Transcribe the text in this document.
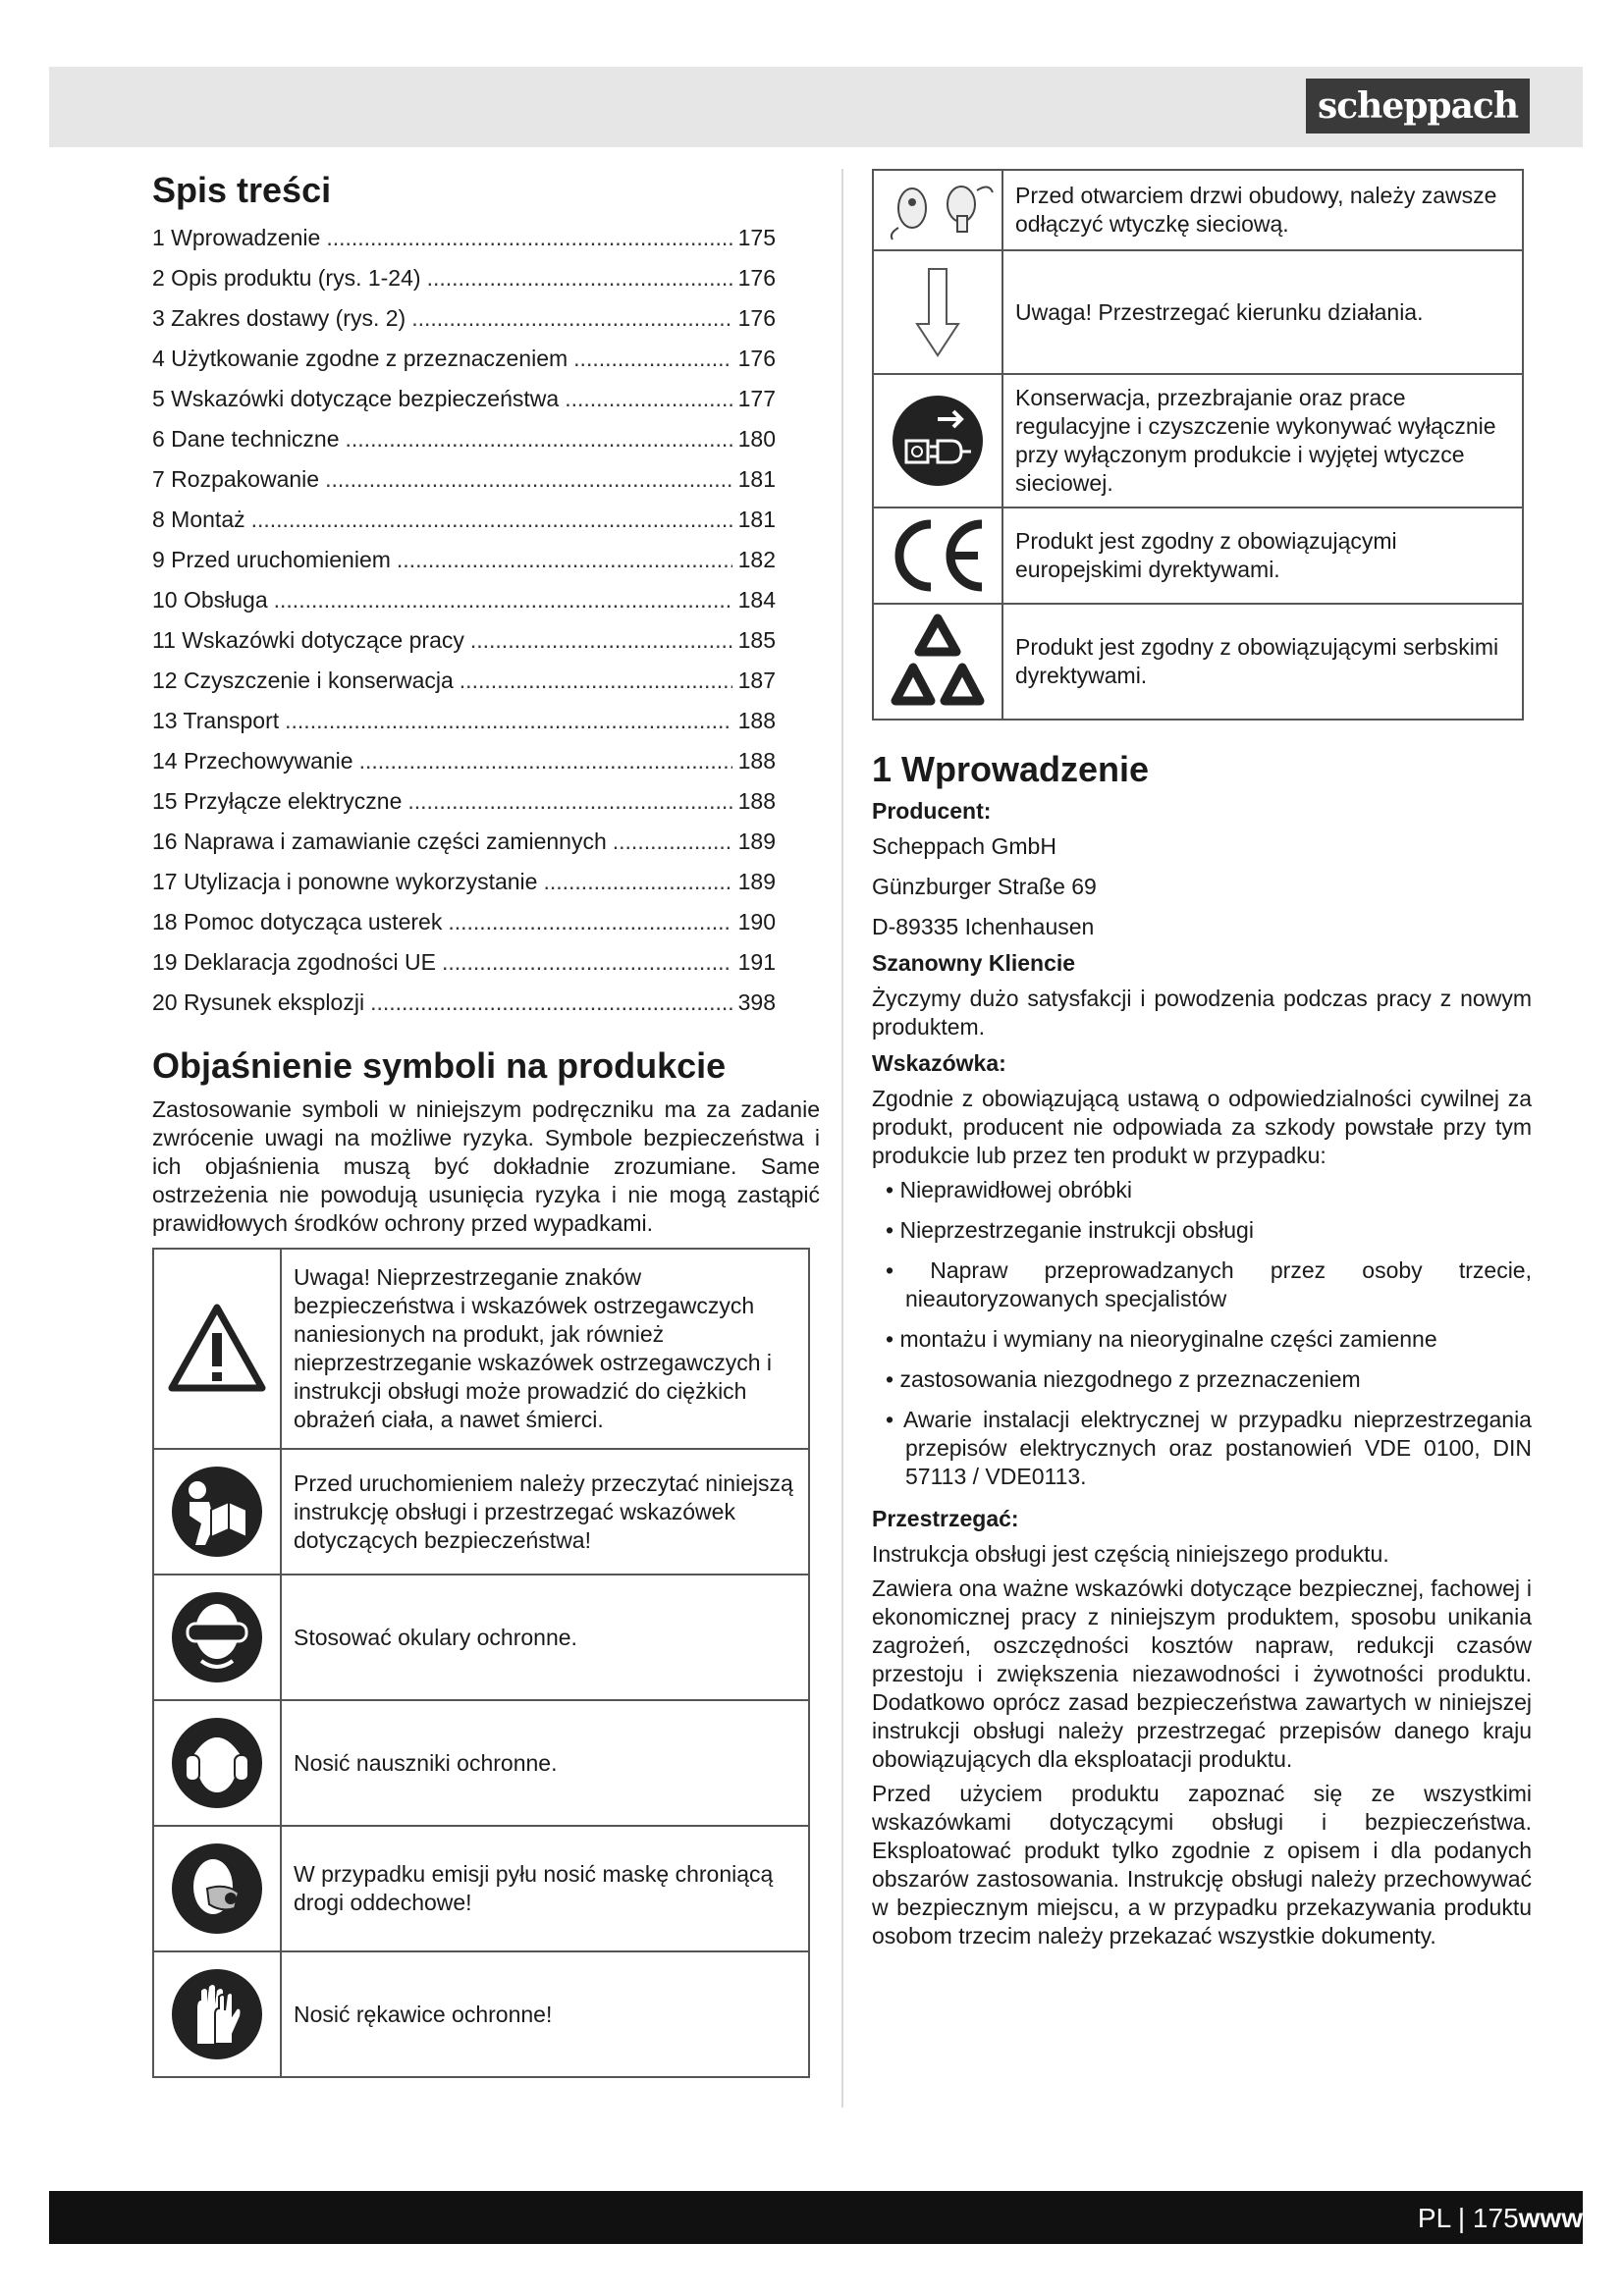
scheppach
Spis treści
1 Wprowadzenie .....	175
2 Opis produktu (rys. 1-24) .....	176
3 Zakres dostawy (rys. 2) .....	176
4 Użytkowanie zgodne z przeznaczeniem .....	176
5 Wskazówki dotyczące bezpieczeństwa .....	177
6 Dane techniczne .....	180
7 Rozpakowanie .....	181
8 Montaż .....	181
9 Przed uruchomieniem .....	182
10 Obsługa .....	184
11 Wskazówki dotyczące pracy .....	185
12 Czyszczenie i konserwacja .....	187
13 Transport .....	188
14 Przechowywanie .....	188
15 Przyłącze elektryczne .....	188
16 Naprawa i zamawianie części zamiennych .....	189
17 Utylizacja i ponowne wykorzystanie .....	189
18 Pomoc dotycząca usterek .....	190
19 Deklaracja zgodności UE .....	191
20 Rysunek eksplozji .....	398
Objaśnienie symboli na produkcie

Zastosowanie symboli w niniejszym podręczniku ma za zadanie zwrócenie uwagi na możliwe ryzyka. Symbole bezpieczeństwa i ich objaśnienia muszą być dokładnie zrozumiane. Same ostrzeżenia nie powodują usunięcia ryzyka i nie mogą zastąpić prawidłowych środków ochrony przed wypadkami.

	Uwaga! Nieprzestrzeganie znaków bezpieczeństwa i wskazówek ostrzegawczych naniesionych na produkt, jak również nieprzestrzeganie wskazówek ostrzegawczych i instrukcji obsługi może prowadzić do ciężkich obrażeń ciała, a nawet śmierci.

	Przed uruchomieniem należy przeczytać niniejszą instrukcję obsługi i przestrzegać wskazówek dotyczących bezpieczeństwa!

	Stosować okulary ochronne.

	Nosić nauszniki ochronne.

	W przypadku emisji pyłu nosić maskę chroniącą drogi oddechowe!

	Nosić rękawice ochronne!
	Przed otwarciem drzwi obudowy, należy zawsze odłączyć wtyczkę sieciową.

	Uwaga! Przestrzegać kierunku działania.

	Konserwacja, przezbrajanie oraz prace regulacyjne i czyszczenie wykonywać wyłącznie przy wyłączonym produkcie i wyjętej wtyczce sieciowej.

	Produkt jest zgodny z obowiązującymi europejskimi dyrektywami.

	Produkt jest zgodny z obowiązującymi serbskimi dyrektywami.
1 Wprowadzenie
Producent:

Scheppach GmbH

Günzburger Straße 69

D-89335 Ichenhausen

Szanowny Kliencie

Życzymy dużo satysfakcji i powodzenia podczas pracy z nowym produktem.

Wskazówka:

Zgodnie z obowiązującą ustawą o odpowiedzialności cywilnej za produkt, producent nie odpowiada za szkody powstałe przy tym produkcie lub przez ten produkt w przypadku:

• Nieprawidłowej obróbki
• Nieprzestrzeganie instrukcji obsługi
• Napraw przeprowadzanych przez osoby trzecie, nieautoryzowanych specjalistów
• montażu i wymiany na nieoryginalne części zamienne
• zastosowania niezgodnego z przeznaczeniem
• Awarie instalacji elektrycznej w przypadku nieprzestrzegania przepisów elektrycznych oraz postanowień VDE 0100, DIN 57113 / VDE0113.
Przestrzegać:

Instrukcja obsługi jest częścią niniejszego produktu.

Zawiera ona ważne wskazówki dotyczące bezpiecznej, fachowej i ekonomicznej pracy z niniejszym produktem, sposobu unikania zagrożeń, oszczędności kosztów napraw, redukcji czasów przestoju i zwiększenia niezawodności i żywotności produktu. Dodatkowo oprócz zasad bezpieczeństwa zawartych w niniejszej instrukcji obsługi należy przestrzegać przepisów danego kraju obowiązujących dla eksploatacji produktu.

Przed użyciem produktu zapoznać się ze wszystkimi wskazówkami dotyczącymi obsługi i bezpieczeństwa. Eksploatować produkt tylko zgodnie z opisem i dla podanych obszarów zastosowania. Instrukcję obsługi należy przechowywać w bezpiecznym miejscu, a w przypadku przekazywania produktu osobom trzecim należy przekazać wszystkie dokumenty.

PL | 175www
